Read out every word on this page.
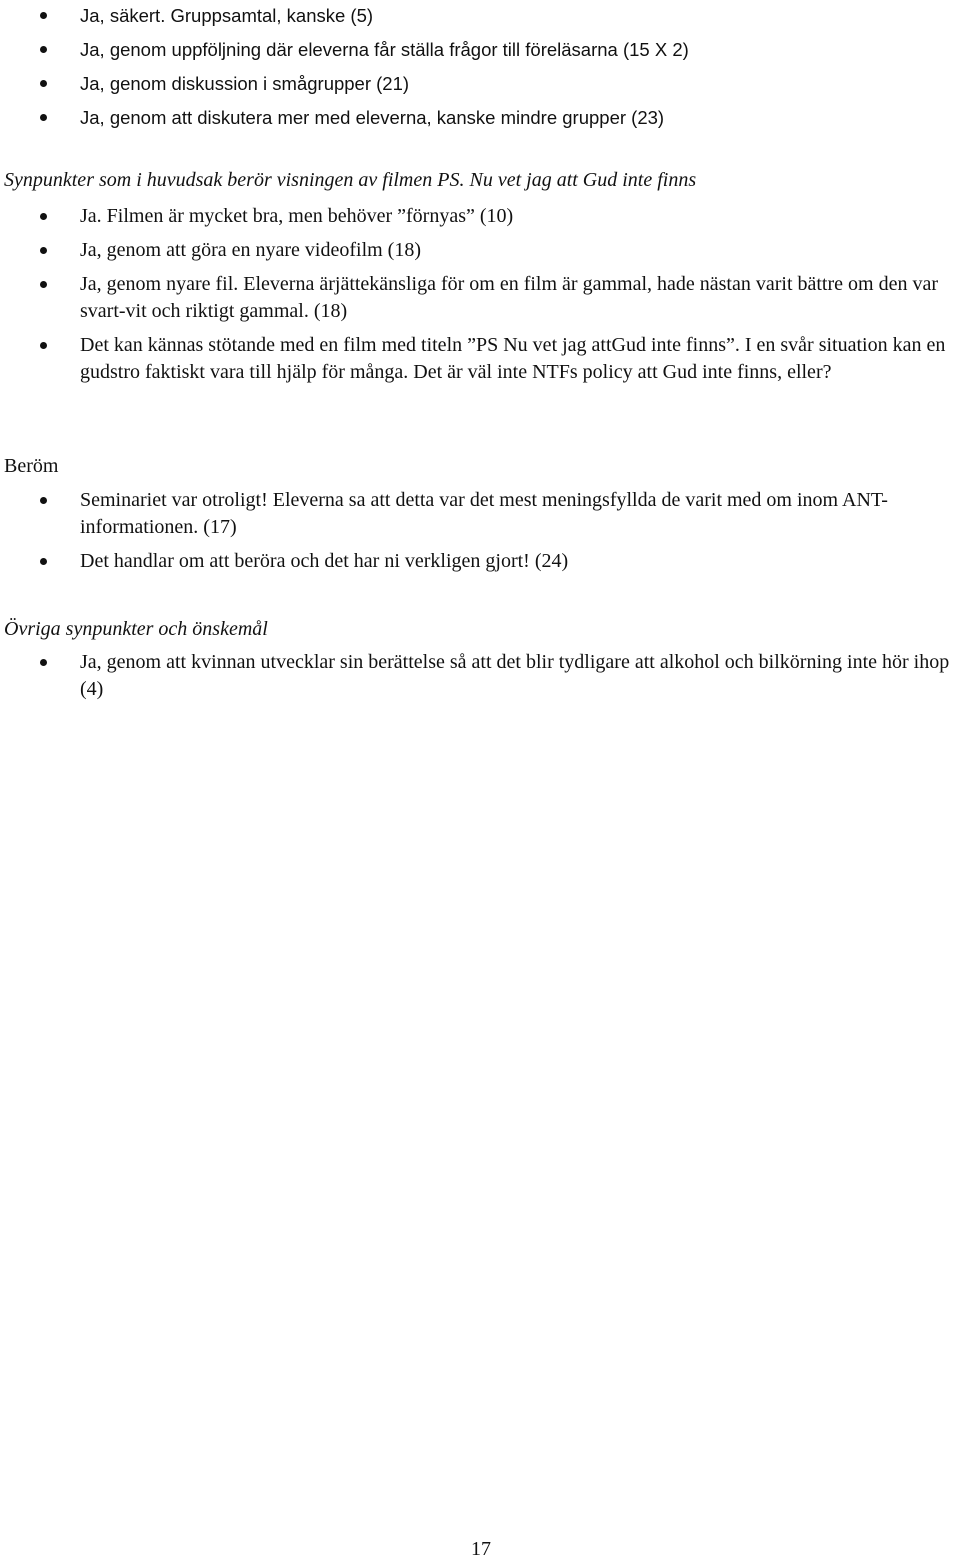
Ja, säkert. Gruppsamtal, kanske (5)
Ja, genom uppföljning där eleverna får ställa frågor till föreläsarna (15 X 2)
Ja, genom diskussion i smågrupper (21)
Ja, genom att diskutera mer med eleverna, kanske mindre grupper (23)
Synpunkter som i huvudsak berör visningen av filmen PS. Nu vet jag att Gud inte finns
Ja. Filmen är mycket bra, men behöver ”förnyas” (10)
Ja, genom att göra en nyare videofilm (18)
Ja, genom nyare fil. Eleverna ärjättekänsliga för om en film är gammal, hade nästan varit bättre om den var svart-vit och riktigt gammal. (18)
Det kan kännas stötande med en film med titeln ”PS Nu vet jag attGud inte finns”. I en svår situation kan en gudstro faktiskt vara till hjälp för många. Det är väl inte NTFs policy att Gud inte finns, eller?
Beröm
Seminariet var otroligt! Eleverna sa att detta var det mest meningsfyllda de varit med om inom ANT-informationen. (17)
Det handlar om att beröra och det har ni verkligen gjort! (24)
Övriga synpunkter och önskemål
Ja, genom att kvinnan utvecklar sin berättelse så att det blir tydligare att alkohol och bilkörning inte hör ihop (4)
17
